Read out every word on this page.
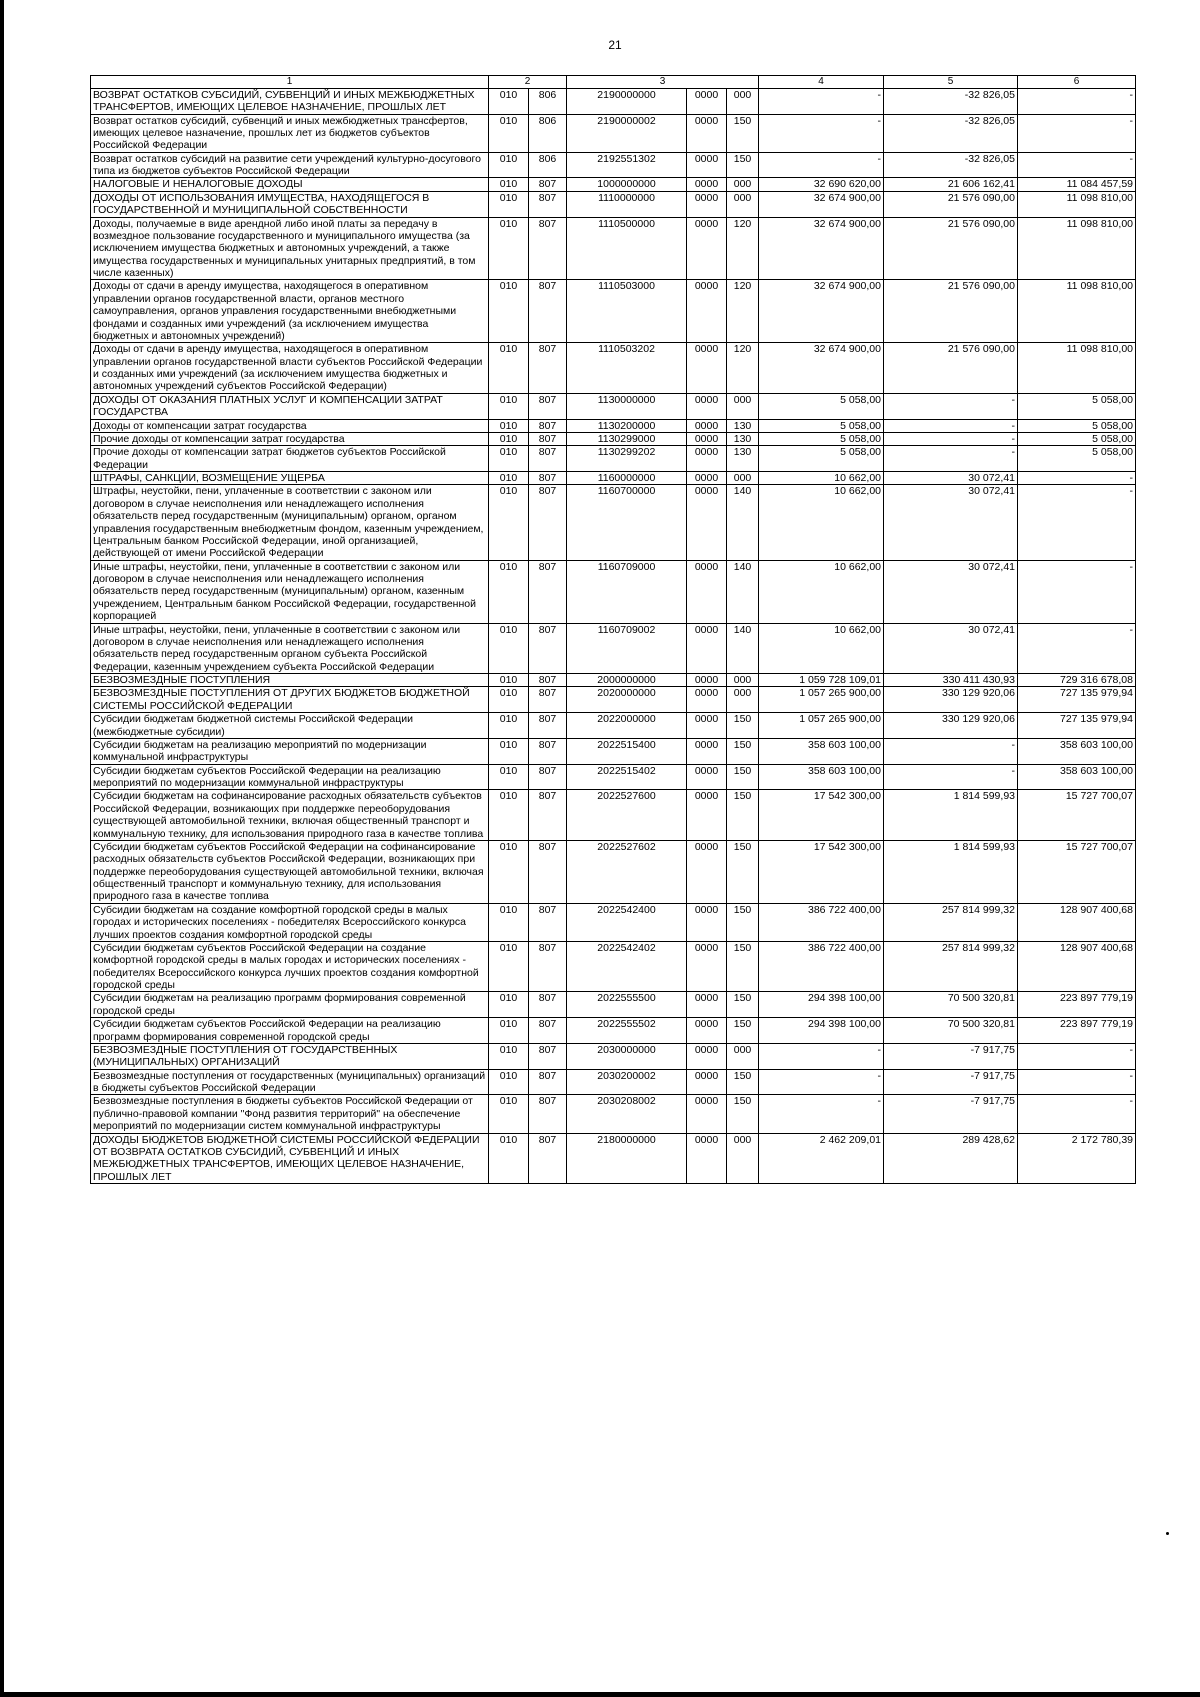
21
1	2		3			4	5	6
ВОЗВРАТ ОСТАТКОВ СУБСИДИЙ, СУБВЕНЦИЙ И ИНЫХ МЕЖБЮДЖЕТНЫХ ТРАНСФЕРТОВ, ИМЕЮЩИХ ЦЕЛЕВОЕ НАЗНАЧЕНИЕ, ПРОШЛЫХ ЛЕТ	010	806	2190000000	0000	000	-	-32 826,05	-
Возврат остатков субсидий, субвенций и иных межбюджетных трансфертов, имеющих целевое назначение, прошлых лет из бюджетов субъектов Российской Федерации	010	806	2190000002	0000	150	-	-32 826,05	-
Возврат остатков субсидий на развитие сети учреждений культурно-досугового типа из бюджетов субъектов Российской Федерации	010	806	2192551302	0000	150	-	-32 826,05	-
НАЛОГОВЫЕ И НЕНАЛОГОВЫЕ ДОХОДЫ	010	807	1000000000	0000	000	32 690 620,00	21 606 162,41	11 084 457,59
ДОХОДЫ ОТ ИСПОЛЬЗОВАНИЯ ИМУЩЕСТВА, НАХОДЯЩЕГОСЯ В ГОСУДАРСТВЕННОЙ И МУНИЦИПАЛЬНОЙ СОБСТВЕННОСТИ	010	807	1110000000	0000	000	32 674 900,00	21 576 090,00	11 098 810,00
Доходы, получаемые в виде арендной либо иной платы за передачу в возмездное пользование государственного и муниципального имущества (за исключением имущества бюджетных и автономных учреждений, а также имущества государственных и муниципальных унитарных предприятий, в том числе казенных)	010	807	1110500000	0000	120	32 674 900,00	21 576 090,00	11 098 810,00
Доходы от сдачи в аренду имущества, находящегося в оперативном управлении органов государственной власти, органов местного самоуправления, органов управления государственными внебюджетными фондами и созданных ими учреждений (за исключением имущества бюджетных и автономных учреждений)	010	807	1110503000	0000	120	32 674 900,00	21 576 090,00	11 098 810,00
Доходы от сдачи в аренду имущества, находящегося в оперативном управлении органов государственной власти субъектов Российской Федерации и созданных ими учреждений (за исключением имущества бюджетных и автономных учреждений субъектов Российской Федерации)	010	807	1110503202	0000	120	32 674 900,00	21 576 090,00	11 098 810,00
ДОХОДЫ ОТ ОКАЗАНИЯ ПЛАТНЫХ УСЛУГ И КОМПЕНСАЦИИ ЗАТРАТ ГОСУДАРСТВА	010	807	1130000000	0000	000	5 058,00	-	5 058,00
Доходы от компенсации затрат государства	010	807	1130200000	0000	130	5 058,00	-	5 058,00
Прочие доходы от компенсации затрат государства	010	807	1130299000	0000	130	5 058,00	-	5 058,00
Прочие доходы от компенсации затрат бюджетов субъектов Российской Федерации	010	807	1130299202	0000	130	5 058,00	-	5 058,00
ШТРАФЫ, САНКЦИИ, ВОЗМЕЩЕНИЕ УЩЕРБА	010	807	1160000000	0000	000	10 662,00	30 072,41	-
Штрафы, неустойки, пени, уплаченные в соответствии с законом или договором в случае неисполнения или ненадлежащего исполнения обязательств перед государственным (муниципальным) органом, органом управления государственным внебюджетным фондом, казенным учреждением, Центральным банком Российской Федерации, иной организацией, действующей от имени Российской Федерации	010	807	1160700000	0000	140	10 662,00	30 072,41	-
Иные штрафы, неустойки, пени, уплаченные в соответствии с законом или договором в случае неисполнения или ненадлежащего исполнения обязательств перед государственным (муниципальным) органом, казенным учреждением, Центральным банком Российской Федерации, государственной корпорацией	010	807	1160709000	0000	140	10 662,00	30 072,41	-
Иные штрафы, неустойки, пени, уплаченные в соответствии с законом или договором в случае неисполнения или ненадлежащего исполнения обязательств перед государственным органом субъекта Российской Федерации, казенным учреждением субъекта Российской Федерации	010	807	1160709002	0000	140	10 662,00	30 072,41	-
БЕЗВОЗМЕЗДНЫЕ ПОСТУПЛЕНИЯ	010	807	2000000000	0000	000	1 059 728 109,01	330 411 430,93	729 316 678,08
БЕЗВОЗМЕЗДНЫЕ ПОСТУПЛЕНИЯ ОТ ДРУГИХ БЮДЖЕТОВ БЮДЖЕТНОЙ СИСТЕМЫ РОССИЙСКОЙ ФЕДЕРАЦИИ	010	807	2020000000	0000	000	1 057 265 900,00	330 129 920,06	727 135 979,94
Субсидии бюджетам бюджетной системы Российской Федерации (межбюджетные субсидии)	010	807	2022000000	0000	150	1 057 265 900,00	330 129 920,06	727 135 979,94
Субсидии бюджетам на реализацию мероприятий по модернизации коммунальной инфраструктуры	010	807	2022515400	0000	150	358 603 100,00	-	358 603 100,00
Субсидии бюджетам субъектов Российской Федерации на реализацию мероприятий по модернизации коммунальной инфраструктуры	010	807	2022515402	0000	150	358 603 100,00	-	358 603 100,00
Субсидии бюджетам на софинансирование расходных обязательств субъектов Российской Федерации, возникающих при поддержке переоборудования существующей автомобильной техники, включая общественный транспорт и коммунальную технику, для использования природного газа в качестве топлива	010	807	2022527600	0000	150	17 542 300,00	1 814 599,93	15 727 700,07
Субсидии бюджетам субъектов Российской Федерации на софинансирование расходных обязательств субъектов Российской Федерации, возникающих при поддержке переоборудования существующей автомобильной техники, включая общественный транспорт и коммунальную технику, для использования природного газа в качестве топлива	010	807	2022527602	0000	150	17 542 300,00	1 814 599,93	15 727 700,07
Субсидии бюджетам на создание комфортной городской среды в малых городах и исторических поселениях - победителях Всероссийского конкурса лучших проектов создания комфортной городской среды	010	807	2022542400	0000	150	386 722 400,00	257 814 999,32	128 907 400,68
Субсидии бюджетам субъектов Российской Федерации на создание комфортной городской среды в малых городах и исторических поселениях - победителях Всероссийского конкурса лучших проектов создания комфортной городской среды	010	807	2022542402	0000	150	386 722 400,00	257 814 999,32	128 907 400,68
Субсидии бюджетам на реализацию программ формирования современной городской среды	010	807	2022555500	0000	150	294 398 100,00	70 500 320,81	223 897 779,19
Субсидии бюджетам субъектов Российской Федерации на реализацию программ формирования современной городской среды	010	807	2022555502	0000	150	294 398 100,00	70 500 320,81	223 897 779,19
БЕЗВОЗМЕЗДНЫЕ ПОСТУПЛЕНИЯ ОТ ГОСУДАРСТВЕННЫХ (МУНИЦИПАЛЬНЫХ) ОРГАНИЗАЦИЙ	010	807	2030000000	0000	000	-	-7 917,75	-
Безвозмездные поступления от государственных (муниципальных) организаций в бюджеты субъектов Российской Федерации	010	807	2030200002	0000	150	-	-7 917,75	-
Безвозмездные поступления в бюджеты субъектов Российской Федерации от публично-правовой компании "Фонд развития территорий" на обеспечение мероприятий по модернизации систем коммунальной инфраструктуры	010	807	2030208002	0000	150	-	-7 917,75	-
ДОХОДЫ БЮДЖЕТОВ БЮДЖЕТНОЙ СИСТЕМЫ РОССИЙСКОЙ ФЕДЕРАЦИИ ОТ ВОЗВРАТА ОСТАТКОВ СУБСИДИЙ, СУБВЕНЦИЙ И ИНЫХ МЕЖБЮДЖЕТНЫХ ТРАНСФЕРТОВ, ИМЕЮЩИХ ЦЕЛЕВОЕ НАЗНАЧЕНИЕ, ПРОШЛЫХ ЛЕТ	010	807	2180000000	0000	000	2 462 209,01	289 428,62	2 172 780,39
